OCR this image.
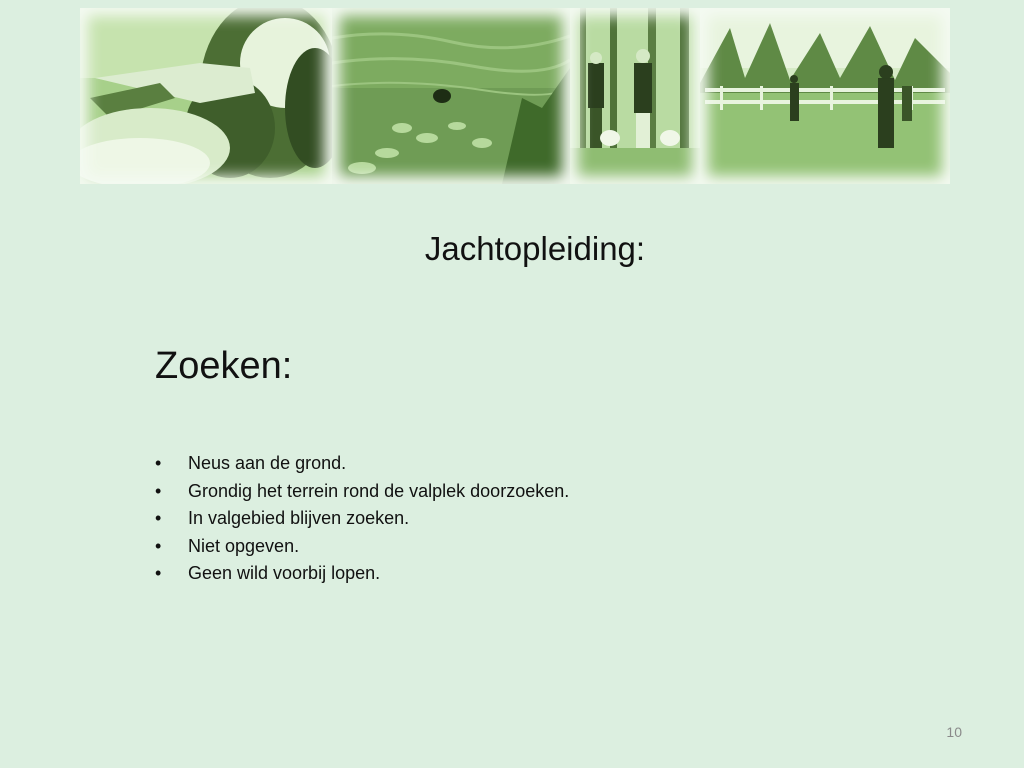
Jachtopleiding:
Zoeken:
• Neus aan de grond.
• Grondig het terrein rond de valplek doorzoeken.
• In valgebied blijven zoeken.
• Niet opgeven.
• Geen wild voorbij lopen.
10
